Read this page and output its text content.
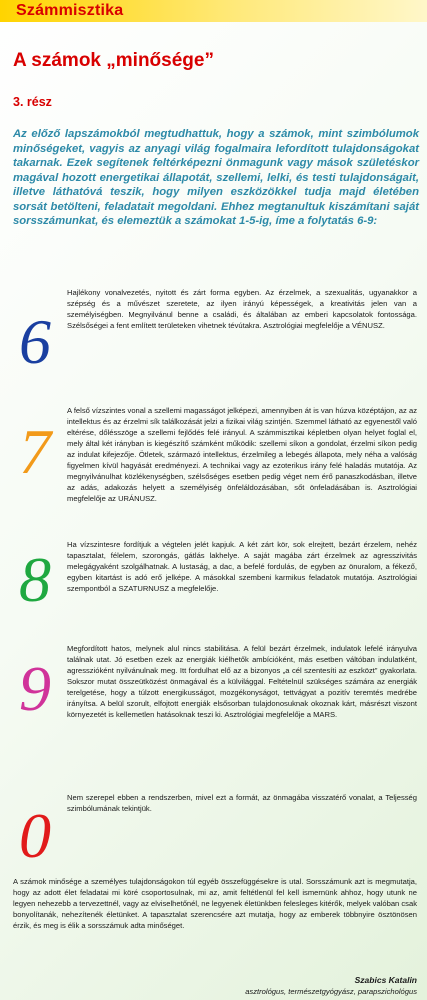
Számmisztika
A számok „minősége”
3. rész

Az előző lapszámokból megtudhattuk, hogy a számok, mint szimbólumok minőségeket, vagyis az anyagi világ fogalmaira lefordított tulajdonságokat takarnak. Ezek segítenek feltérképezni önmagunk vagy mások születéskor magával hozott energetikai állapotát, szellemi, lelki, és testi tulajdonságait, illetve láthatóvá teszik, hogy milyen eszközökkel tudja majd életében sorsát betölteni, feladatait megoldani. Ehhez megtanultuk kiszámítani saját sorsszámunkat, és elemeztük a számokat 1-5-ig, íme a folytatás 6-9:

6

Hajlékony vonalvezetés, nyitott és zárt forma egyben. Az érzelmek, a szexualitás, ugyanakkor a szépség és a művészet szeretete, az ilyen irányú képességek, a kreativitás jelen van a személyiségben. Megnyilvánul benne a családi, és általában az emberi kapcsolatok fontossága. Szélsőségei a fent említett területeken vihetnek tévútakra. Asztrológiai megfelelője a VÉNUSZ.

7

A felső vízszintes vonal a szellemi magasságot jelképezi, amennyiben át is van húzva középtájon, az az intellektus és az érzelmi sík találkozását jelzi a fizikai világ szintjén. Szemmel látható az egyenestől való eltérése, dőlésszöge a szellemi fejlődés felé irányul. A számmisztikai képletben olyan helyet foglal el, mely által két irányban is kiegészítő számként működik: szellemi síkon a gondolat, érzelmi síkon pedig az indulat kifejezője. Ötletek, származó intellektus, érzelmileg a lebegés állapota, mely néha a valóság figyelmen kívül hagyását eredményezi. A technikai vagy az ezoterikus irány felé haladás mutatója. Az megnyilvánulhat közlékenységben, szélsőséges esetben pedig véget nem érő panaszkodásban, illetve az adás, adakozás helyett a személyiség önfeláldozásában, sőt önfeladásában is. Asztrológiai megfelelője az URÁNUSZ.

8	Ha vízszintesre fordítjuk a végtelen jelét kapjuk. A két zárt kör, sok elrejtett, bezárt érzelem, nehéz tapasztalat, félelem, szorongás, gátlás lakhelye. A saját magába zárt érzelmek az agresszivitás melegágyaként szolgálhatnak. A lustaság, a dac, a befelé fordulás, de egyben az önuralom, a fékező, egyben kitartást is adó erő jelképe. A másokkal szembeni karmikus feladatok mutatója. Asztrológiai szempontból a SZATURNUSZ a megfelelője.

9

Megfordított hatos, melynek alul nincs stabilitása. A felül bezárt érzelmek, indulatok lefelé irányulva találnak utat. Jó esetben ezek az energiák kiélhetők ambícióként, más esetben váltóban indulatként, agresszióként nyilvánulnak meg. Itt fordulhat elő az a bizonyos „a cél szentesíti az eszközt” gyakorlata. Sokszor mutat összeütközést önmagával és a külvilággal. Feltételnül szükséges számára az energiák terelgetése, hogy a túlzott energikusságot, mozgékonyságot, tettvágyat a pozitív teremtés medrébe irányítsa. A belül szorult, elfojtott energiák elsősorban tulajdonosuknak okoznak kárt, másrészt viszont környezetét is kellemetlen hatásoknak teszi ki. Asztrológiai megfelelője a MARS.

0

Nem szerepel ebben a rendszerben, mivel ezt a formát, az önmagába visszatérő vonalat, a Teljesség szimbólumának tekintjük.

A számok minősége a személyes tulajdonságokon túl egyéb összefüggésekre is utal. Sorsszámunk azt is megmutatja, hogy az adott élet feladatai mi köré csoportosulnak, mi az, amit feltétlenül fel kell ismernünk ahhoz, hogy utunk ne legyen nehezebb a tervezettnél, vagy az elviselhetőnél, ne legyenek életünkben felesleges kitérők, melyek valóban csak bonyolítanák, nehezítenék életünket. A tapasztalat szerencsére azt mutatja, hogy az emberek többnyire ösztönösen érzik, és meg is élik a sorsszámuk adta minőséget.

Szabics Katalin

asztrológus, természetgyógyász, parapszichológus
